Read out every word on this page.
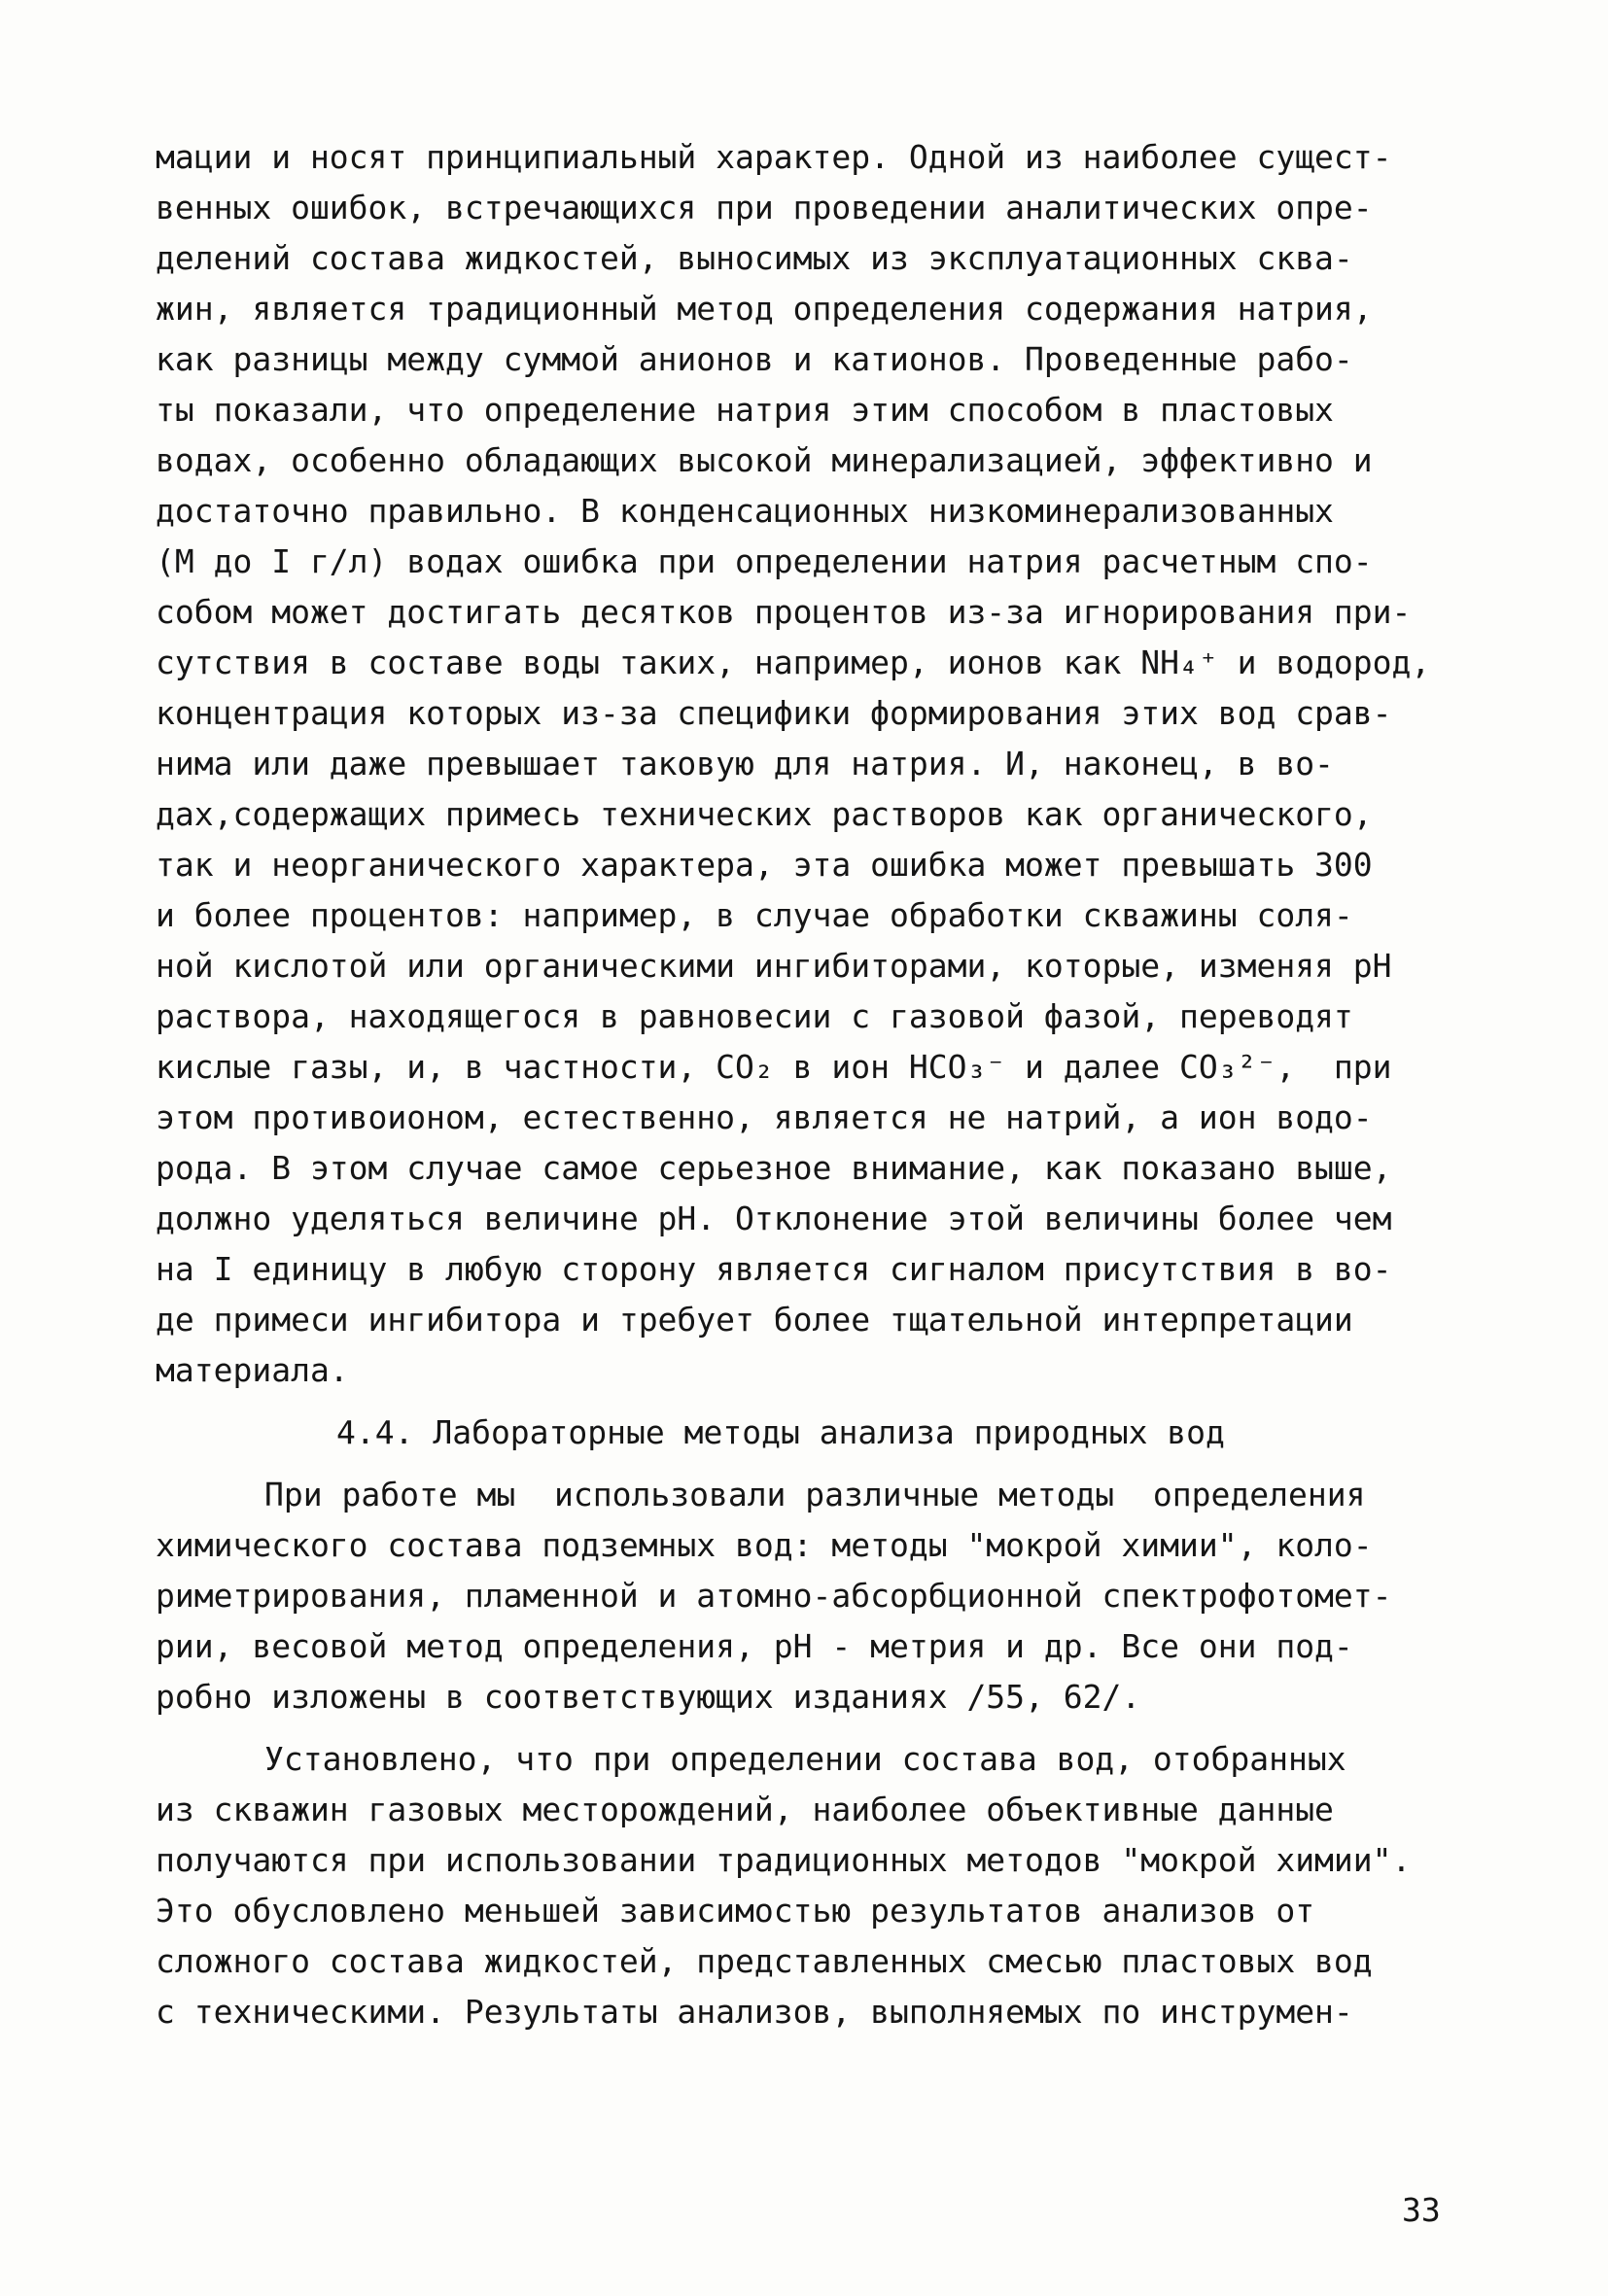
мации и носят принципиальный характер. Одной из наиболее сущест-
венных ошибок, встречающихся при проведении аналитических опре-
делений состава жидкостей, выносимых из эксплуатационных сква-
жин, является традиционный метод определения содержания натрия,
как разницы между суммой анионов и катионов. Проведенные рабо-
ты показали, что определение натрия этим способом в пластовых
водах, особенно обладающих высокой минерализацией, эффективно и
достаточно правильно. В конденсационных низкоминерализованных
(М до I г/л) водах ошибка при определении натрия расчетным спо-
собом может достигать десятков процентов из-за игнорирования при-
сутствия в составе воды таких, например, ионов как NH₄⁺ и водород,
концентрация которых из-за специфики формирования этих вод срав-
нима или даже превышает таковую для натрия. И, наконец, в во-
дах,содержащих примесь технических растворов как органического,
так и неорганического характера, эта ошибка может превышать 300
и более процентов: например, в случае обработки скважины соля-
ной кислотой или органическими ингибиторами, которые, изменяя рН
раствора, находящегося в равновесии с газовой фазой, переводят
кислые газы, и, в частности, CO₂ в ион HCO₃⁻ и далее CO₃²⁻,  при
этом противоионом, естественно, является не натрий, а ион водо-
рода. В этом случае самое серьезное внимание, как показано выше,
должно уделяться величине рН. Отклонение этой величины более чем
на I единицу в любую сторону является сигналом присутствия в во-
де примеси ингибитора и требует более тщательной интерпретации
материала.
4.4. Лабораторные методы анализа природных вод
При работе мы  использовали различные методы  определения
химического состава подземных вод: методы "мокрой химии", коло-
риметрирования, пламенной и атомно-абсорбционной спектрофотомет-
рии, весовой метод определения, рН - метрия и др. Все они под-
робно изложены в соответствующих изданиях /55, 62/.
Установлено, что при определении состава вод, отобранных
из скважин газовых месторождений, наиболее объективные данные
получаются при использовании традиционных методов "мокрой химии".
Это обусловлено меньшей зависимостью результатов анализов от
сложного состава жидкостей, представленных смесью пластовых вод
с техническими. Результаты анализов, выполняемых по инструмен-
33
